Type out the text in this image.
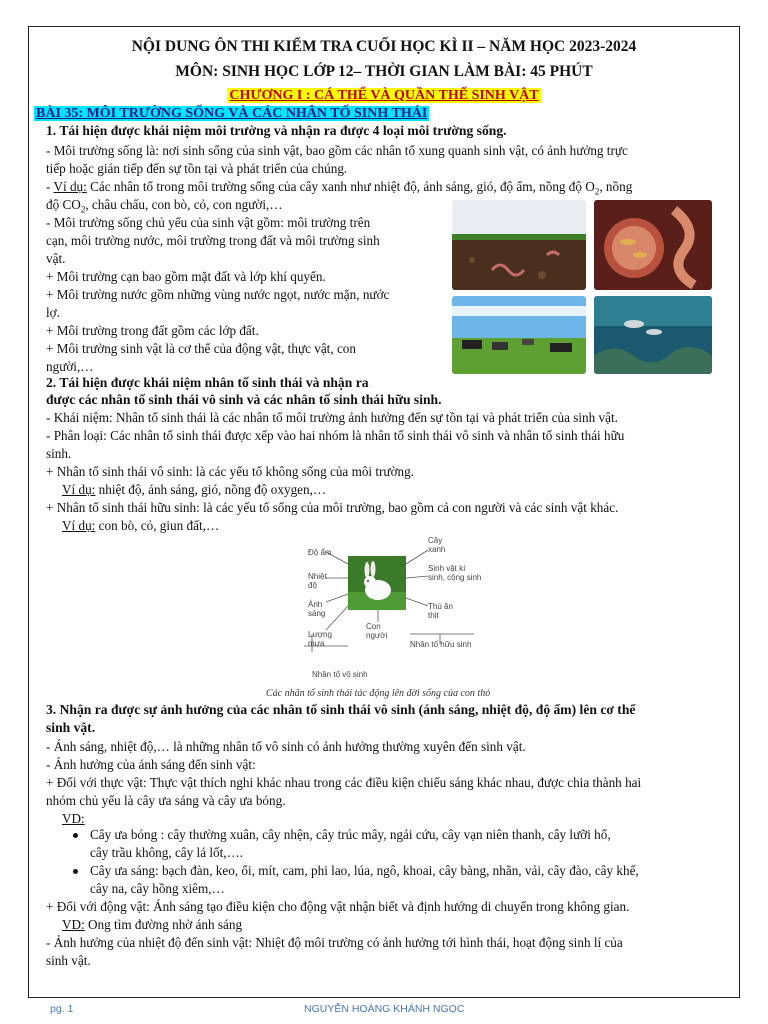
NỘI DUNG ÔN THI KIỂM TRA CUỐI HỌC KÌ II – NĂM HỌC 2023-2024
MÔN: SINH HỌC LỚP 12– THỜI GIAN LÀM BÀI: 45 PHÚT
CHƯƠNG I : CÁ THỂ VÀ QUẦN THỂ SINH VẬT
BÀI 35: MÔI TRƯỜNG SỐNG VÀ CÁC NHÂN TỐ SINH THÁI
1. Tái hiện được khái niệm môi trường và nhận ra được 4 loại môi trường sống.
- Môi trường sống là: nơi sinh sống của sinh vật, bao gồm các nhân tố xung quanh sinh vật, có ảnh hưởng trực
tiếp hoặc gián tiếp đến sự tồn tại và phát triển của chúng.
- Ví dụ: Các nhân tố trong môi trường sống của cây xanh như nhiệt độ, ánh sáng, gió, độ ẩm, nồng độ $O_2$, nồng
độ $CO_2$, châu chấu, con bò, cỏ, con người,…
- Môi trường sống chủ yếu của sinh vật gồm: môi trường trên
cạn, môi trường nước, môi trường trong đất và môi trường sinh
vật.
+ Môi trường cạn bao gồm mặt đất và lớp khí quyển.
+ Môi trường nước gồm những vùng nước ngọt, nước mặn, nước
lợ.
+ Môi trường trong đất gồm các lớp đất.
+ Môi trường sinh vật là cơ thể của động vật, thực vật, con
người,…
2. Tái hiện được khái niệm nhân tố sinh thái và nhận ra
được các nhân tố sinh thái vô sinh và các nhân tố sinh thái hữu sinh.
- Khái niệm: Nhân tố sinh thái là các nhân tố môi trường ảnh hưởng đến sự tồn tại và phát triển của sinh vật.
- Phân loại: Các nhân tố sinh thái được xếp vào hai nhóm là nhân tố sinh thái vô sinh và nhân tố sinh thái hữu
sinh.
+ Nhân tố sinh thái vô sinh: là các yếu tố không sống của môi trường.
Ví dụ: nhiệt độ, ánh sáng, gió, nồng độ oxygen,…
+ Nhân tố sinh thái hữu sinh: là các yếu tố sống của môi trường, bao gồm cả con người và các sinh vật khác.
Ví dụ: con bò, cỏ, giun đất,…
Độ ẩm
Nhiệt
độ
Ánh
sáng
Lượng
mưa
Nhân tố vô sinh
Cây
xanh
Sinh vật kí
sinh, cộng sinh
Thú ăn
thịt
Con
người
Nhân tố hữu sinh
Các nhân tố sinh thái tác động lên đời sống của con thỏ
3. Nhận ra được sự ảnh hưởng của các nhân tố sinh thái vô sinh (ánh sáng, nhiệt độ, độ ẩm) lên cơ thể
sinh vật.
- Ánh sáng, nhiệt độ,… là những nhân tố vô sinh có ảnh hưởng thường xuyên đến sinh vật.
- Ảnh hưởng của ánh sáng đến sinh vật:
+ Đối với thực vật: Thực vật thích nghi khác nhau trong các điều kiện chiếu sáng khác nhau, được chia thành hai
nhóm chủ yếu là cây ưa sáng và cây ưa bóng.
VD:
Cây ưa bóng : cây thường xuân, cây nhện, cây trúc mây, ngải cứu, cây vạn niên thanh, cây lưỡi hổ,
cây trầu không, cây lá lốt,….
Cây ưa sáng: bạch đàn, keo, ổi, mít, cam, phi lao, lúa, ngô, khoai, cây bàng, nhãn, vải, cây đào, cây khế,
cây na, cây hồng xiêm,…
+ Đối với động vật: Ánh sáng tạo điều kiện cho động vật nhận biết và định hướng di chuyển trong không gian.
VD: Ong tìm đường nhờ ánh sáng
- Ảnh hưởng của nhiệt độ đến sinh vật: Nhiệt độ môi trường có ảnh hưởng tới hình thái, hoạt động sinh lí của
sinh vật.
pg. 1	NGUYỄN HOÀNG KHÁNH NGỌC
